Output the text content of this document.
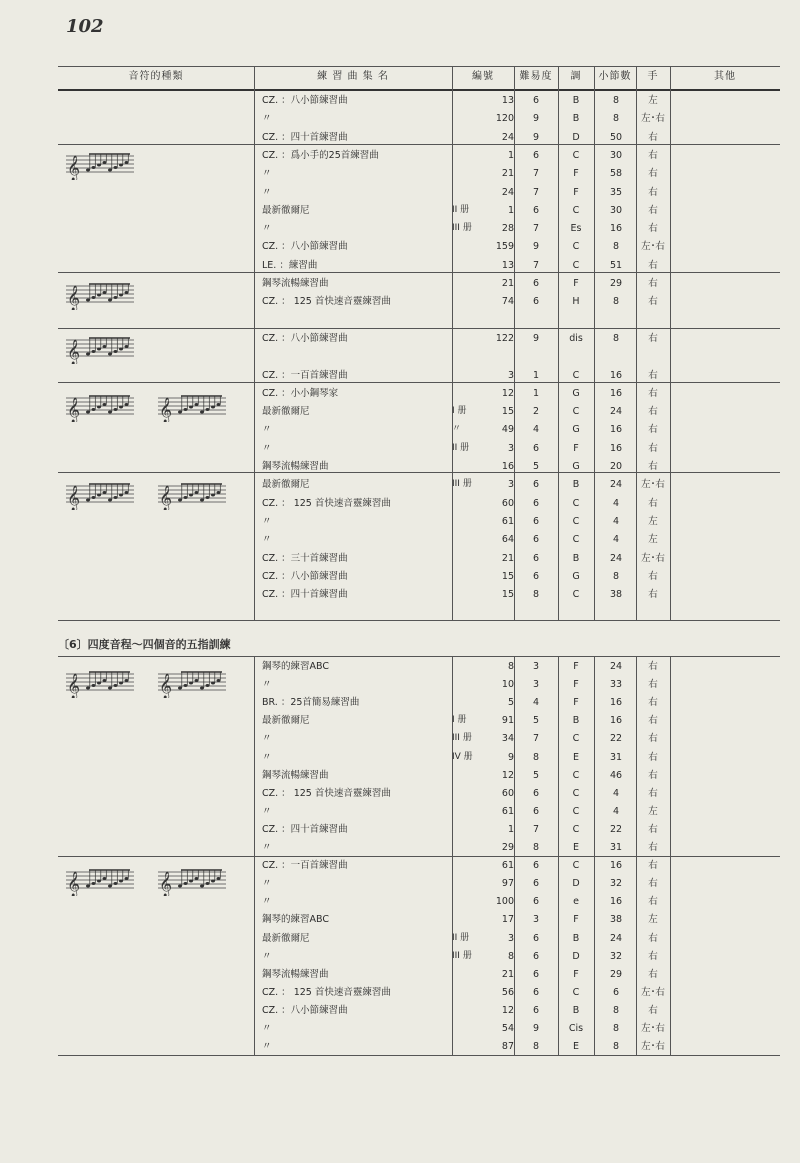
102
音符的種類	練 習 曲 集 名	編號	難易度	調	小節數	手	其他
〔6〕四度音程～四個音的五指訓練
CZ. ：八小節練習曲	13	6	B	8	左
〃	120	9	B	8	左･右
CZ. ：四十首練習曲	24	9	D	50	右
CZ. ：爲小手的25首練習曲	1	6	C	30	右
〃	21	7	F	58	右
〃	24	7	F	35	右
最新徹爾尼	II 册	1	6	C	30	右
〃	III 册	28	7	Es	16	右
CZ. ：八小節練習曲	159	9	C	8	左･右
LE. ：練習曲	13	7	C	51	右
鋼琴流暢練習曲	21	6	F	29	右
CZ. ： 125 首快速音靈練習曲	74	6	H	8	右
CZ. ：八小節練習曲	122	9	dis	8	右
CZ. ：一百首練習曲	3	1	C	16	右
CZ. ：小小鋼琴家	12	1	G	16	右
最新徹爾尼	I 册	15	2	C	24	右
〃	〃	49	4	G	16	右
〃	II 册	3	6	F	16	右
鋼琴流暢練習曲	16	5	G	20	右
最新徹爾尼	III 册	3	6	B	24	左･右
CZ. ： 125 首快速音靈練習曲	60	6	C	4	右
〃	61	6	C	4	左
〃	64	6	C	4	左
CZ. ：三十首練習曲	21	6	B	24	左･右
CZ. ：八小節練習曲	15	6	G	8	右
CZ. ：四十首練習曲	15	8	C	38	右
鋼琴的練習ABC	8	3	F	24	右
〃	10	3	F	33	右
BR. ：25首簡易練習曲	5	4	F	16	右
最新徹爾尼	I 册	91	5	B	16	右
〃	III 册	34	7	C	22	右
〃	IV 册	9	8	E	31	右
鋼琴流暢練習曲	12	5	C	46	右
CZ. ： 125 首快速音靈練習曲	60	6	C	4	右
〃	61	6	C	4	左
CZ. ：四十首練習曲	1	7	C	22	右
〃	29	8	E	31	右
CZ. ：一百首練習曲	61	6	C	16	右
〃	97	6	D	32	右
〃	100	6	e	16	右
鋼琴的練習ABC	17	3	F	38	左
最新徹爾尼	II 册	3	6	B	24	右
〃	III 册	8	6	D	32	右
鋼琴流暢練習曲	21	6	F	29	右
CZ. ： 125 首快速音靈練習曲	56	6	C	6	左･右
CZ. ：八小節練習曲	12	6	B	8	右
〃	54	9	Cis	8	左･右
〃	87	8	E	8	左･右
𝄞
𝄞
𝄞
𝄞	𝄞
𝄞	𝄞
𝄞	𝄞
𝄞	𝄞
